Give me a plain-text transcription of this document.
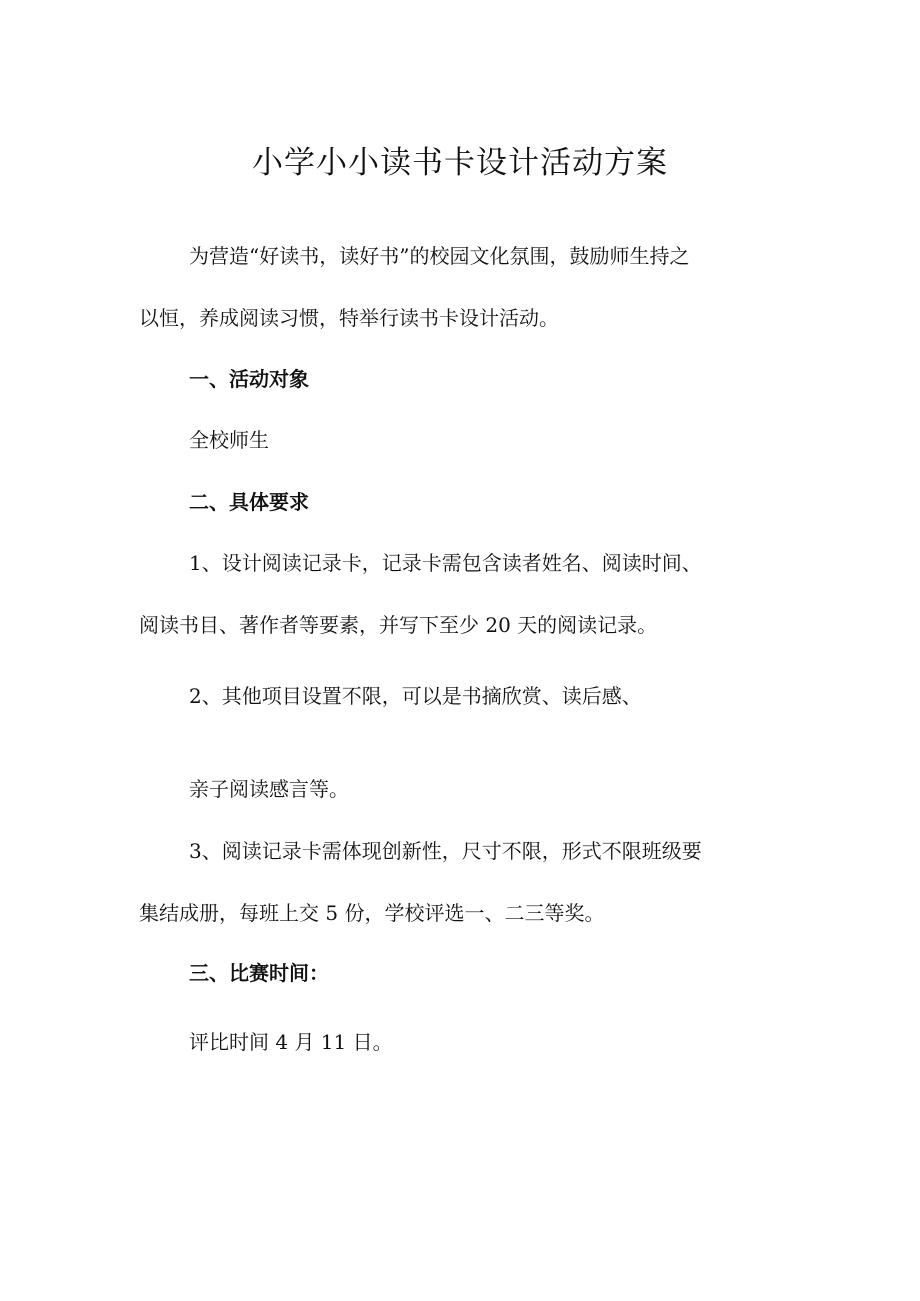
小学小小读书卡设计活动方案
为营造“好读书，读好书”的校园文化氛围，鼓励师生持之
以恒，养成阅读习惯，特举行读书卡设计活动。
一、活动对象
全校师生
二、具体要求
1、设计阅读记录卡，记录卡需包含读者姓名、阅读时间、
阅读书目、著作者等要素，并写下至少 20 天的阅读记录。
2、其他项目设置不限，可以是书摘欣赏、读后感、
亲子阅读感言等。
3、阅读记录卡需体现创新性，尺寸不限，形式不限班级要
集结成册，每班上交 5 份，学校评选一、二三等奖。
三、比赛时间：
评比时间 4 月 11 日。
